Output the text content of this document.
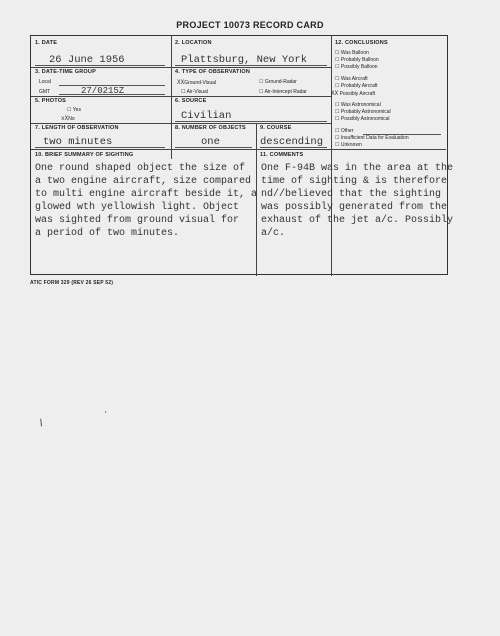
PROJECT 10073 RECORD CARD
1. DATE
26 June 1956
2. LOCATION
Plattsburg, New York
3. DATE-TIME GROUP
Local
GMT	27/0215Z
4. TYPE OF OBSERVATION
XXGround-Visual	☐ Ground-Radar
☐ Air-Visual	☐ Air-Intercept Radar
5. PHOTOS
☐ Yes
xXNo
6. SOURCE
Civilian
7. LENGTH OF OBSERVATION
two minutes
8. NUMBER OF OBJECTS
one
9. COURSE
descending
10. BRIEF SUMMARY OF SIGHTING
One round shaped object the size of
a two engine aircraft, size compared
to multi engine aircraft beside it, a
glowed wth yellowish light. Object
was sighted from ground visual for
a period of two minutes.
11. COMMENTS
One F-94B was in the area at the
time of sighting & is therefore
nd//believed that the sighting
was possibly generated from the
exhaust of the jet a/c. Possibly
a/c.
12. CONCLUSIONS
☐ Was Balloon
☐ Probably Balloon
☐ Possibly Balloon
☐ Was Aircraft
☐ Probably Aircraft
XX Possibly Aircraft
☐ Was Astronomical
☐ Probably Astronomical
☐ Possibly Astronomical
☐ Other
☐ Insufficient Data for Evaluation
☐ Unknown
ATIC FORM 329 (REV 26 SEP 52)
/
'
